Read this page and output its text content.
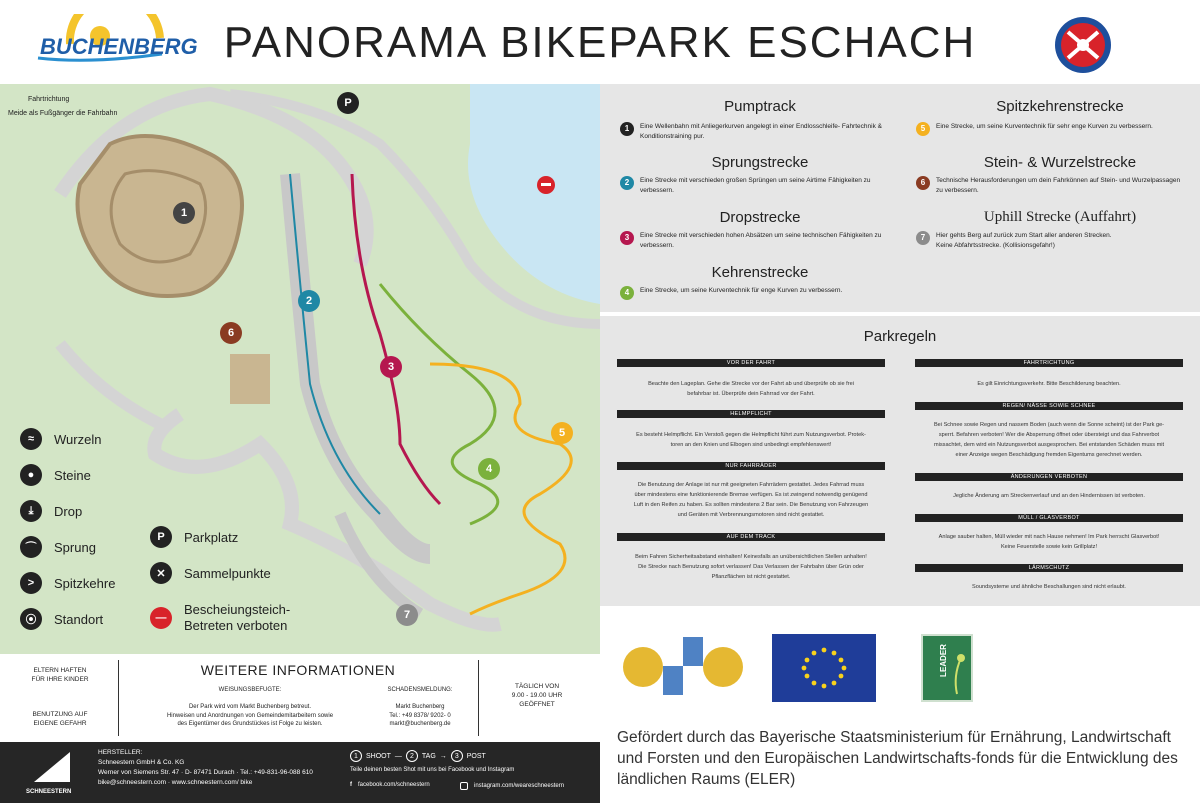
BUCHENBERG PANORAMA BIKEPARK ESCHACH
Fahrtrichtung
Meide als Fußgänger die Fahrbahn
P
1
2
3
4
5
6
7
≈	Wurzeln
●	Steine
⤓	Drop
⌒	Sprung
>	Spitzkehre
⦿	Standort
P	Parkplatz
✕	Sammelpunkte
—
Bescheiungsteich-
Betreten verboten
Pumptrack
1	Eine Wellenbahn mit Anliegerkurven angelegt in einer Endlosschleife- Fahrtechnik & Konditionstraining pur.
Sprungstrecke
2	Eine Strecke mit verschieden großen Sprüngen um seine Airtime Fähigkeiten zu verbessern.
Dropstrecke
3	Eine Strecke mit verschieden hohen Absätzen um seine technischen Fähigkeiten zu verbessern.
Kehrenstrecke
4	Eine Strecke, um seine Kurventechnik für enge Kurven zu verbessern.
Spitzkehrenstrecke
5	Eine Strecke, um seine Kurventechnik für sehr enge Kurven zu verbessern.
Stein- & Wurzelstrecke
6	Technische Herausforderungen um dein Fahrkönnen auf Stein- und Wurzelpassagen zu verbessern.
Uphill Strecke (Auffahrt)
7	Hier gehts Berg auf zurück zum Start aller anderen Strecken.
Keine Abfahrtsstrecke. (Kollisionsgefahr!)
Parkregeln
VOR DER FAHRT
Beachte den Lageplan. Gehe die Strecke vor der Fahrt ab und überprüfe ob sie frei
befahrbar ist. Überprüfe dein Fahrrad vor der Fahrt.
HELMPFLICHT
Es besteht Helmpflicht. Ein Verstoß gegen die Helmpflicht führt zum Nutzungsverbot. Protek-
toren an den Knien und Elbogen sind unbedingt empfehlenswert!
NUR FAHRRÄDER
Die Benutzung der Anlage ist nur mit geeigneten Fahrrädern gestattet. Jedes Fahrrad muss
über mindestens eine funktionierende Bremse verfügen. Es ist zwingend notwendig genügend
Luft in den Reifen zu haben. Es sollten mindestens 2 Bar sein. Die Benutzung von Fahrzeugen
und Geräten mit Verbrennungsmotoren sind nicht gestattet.
AUF DEM TRACK
Beim Fahren Sicherheitsabstand einhalten! Keinesfalls an unübersichtlichen Stellen anhalten!
Die Strecke nach Benutzung sofort verlassen! Das Verlassen der Fahrbahn über Grün oder
Pflanzflächen ist nicht gestattet.
FAHRTRICHTUNG
Es gilt Einrichtungsverkehr. Bitte Beschilderung beachten.
REGEN/ NÄSSE SOWIE SCHNEE
Bei Schnee sowie Regen und nassem Boden (auch wenn die Sonne scheint) ist der Park ge-
sperrt. Befahren verboten! Wer die Absperrung öffnet oder übersteigt und das Fahrverbot
missachtet, dem wird ein Nutzungsverbot ausgesprochen. Bei entstanden Schäden muss mit
einer Anzeige wegen Beschädigung fremden Eigentums gerechnet werden.
ÄNDERUNGEN VERBOTEN
Jegliche Änderung am Streckenverlauf und an den Hindernissen ist verboten.
MÜLL / GLASVERBOT
Anlage sauber halten, Müll wieder mit nach Hause nehmen! Im Park herrscht Glasverbot!
Keine Feuerstelle sowie kein Grillplatz!
LÄRMSCHUTZ
Soundsysteme und ähnliche Beschallungen sind nicht erlaubt.
LEADER
Gefördert durch das Bayerische Staatsministerium für Ernährung, Landwirtschaft und Forsten und den Europäischen Landwirtschafts-fonds für die Entwicklung des ländlichen Raums (ELER)
ELTERN HAFTEN
FÜR IHRE KINDER
BENUTZUNG AUF
EIGENE GEFAHR
WEITERE INFORMATIONEN
WEISUNGSBEFUGTE:

Der Park wird vom Markt Buchenberg betreut.
Hinweisen und Anordnungen von Gemeindemitarbeitern sowie
des Eigentümer des Grundstückes ist Folge zu leisten.
SCHADENSMELDUNG:

Markt Buchenberg
Tel.: +49 8378/ 9202- 0
markt@buchenberg.de
TÄGLICH VON
9.00 - 19.00 UHR
GEÖFFNET
SCHNEESTERN
HERSTELLER:
Schneestern GmbH & Co. KG
Werner von Siemens Str. 47 · D- 87471 Durach · Tel.: +49-831-96-088 610
bike@schneestern.com · www.schneestern.com/ bike
1	SHOOT —	2	TAG →	3	POST
Teile deinen besten Shot mit uns bei Facebook und Instagram
f facebook.com/schneestern	instagram.com/weareschneestern
